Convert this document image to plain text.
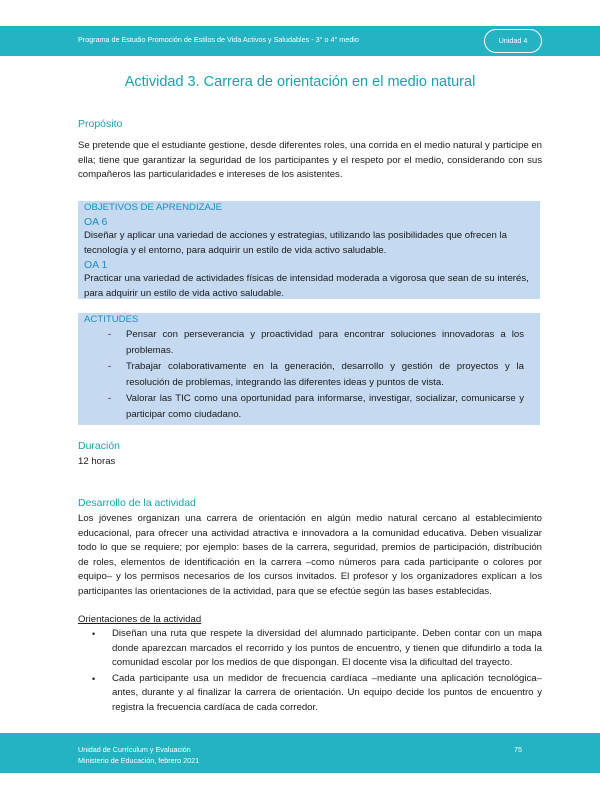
Programa de Estudio Promoción de Estilos de Vida Activos y Saludables - 3° o 4° medio	Unidad 4
Actividad 3. Carrera de orientación en el medio natural
Propósito
Se pretende que el estudiante gestione, desde diferentes roles, una corrida en el medio natural y participe en ella; tiene que garantizar la seguridad de los participantes y el respeto por el medio, considerando con sus compañeros las particularidades e intereses de los asistentes.

OBJETIVOS DE APRENDIZAJE

OA 6

Diseñar y aplicar una variedad de acciones y estrategias, utilizando las posibilidades que ofrecen la tecnología y el entorno, para adquirir un estilo de vida activo saludable.

OA 1

Practicar una variedad de actividades físicas de intensidad moderada a vigorosa que sean de su interés, para adquirir un estilo de vida activo saludable.

ACTITUDES

- Pensar con perseverancia y proactividad para encontrar soluciones innovadoras a los problemas.
- Trabajar colaborativamente en la generación, desarrollo y gestión de proyectos y la resolución de problemas, integrando las diferentes ideas y puntos de vista.
- Valorar las TIC como una oportunidad para informarse, investigar, socializar, comunicarse y participar como ciudadano.
Duración
12 horas
Desarrollo de la actividad
Los jóvenes organizan una carrera de orientación en algún medio natural cercano al establecimiento educacional, para ofrecer una actividad atractiva e innovadora a la comunidad educativa. Deben visualizar todo lo que se requiere; por ejemplo: bases de la carrera, seguridad, premios de participación, distribución de roles, elementos de identificación en la carrera –como números para cada participante o colores por equipo– y los permisos necesarios de los cursos invitados. El profesor y los organizadores explican a los participantes las orientaciones de la actividad, para que se efectúe según las bases establecidas.
Orientaciones de la actividad
• Diseñan una ruta que respete la diversidad del alumnado participante. Deben contar con un mapa donde aparezcan marcados el recorrido y los puntos de encuentro, y tienen que difundirlo a toda la comunidad escolar por los medios de que dispongan. El docente visa la dificultad del trayecto.
• Cada participante usa un medidor de frecuencia cardíaca –mediante una aplicación tecnológica– antes, durante y al finalizar la carrera de orientación. Un equipo decide los puntos de encuentro y registra la frecuencia cardíaca de cada corredor.
Unidad de Currículum y Evaluación
Ministerio de Educación, febrero 2021
75
